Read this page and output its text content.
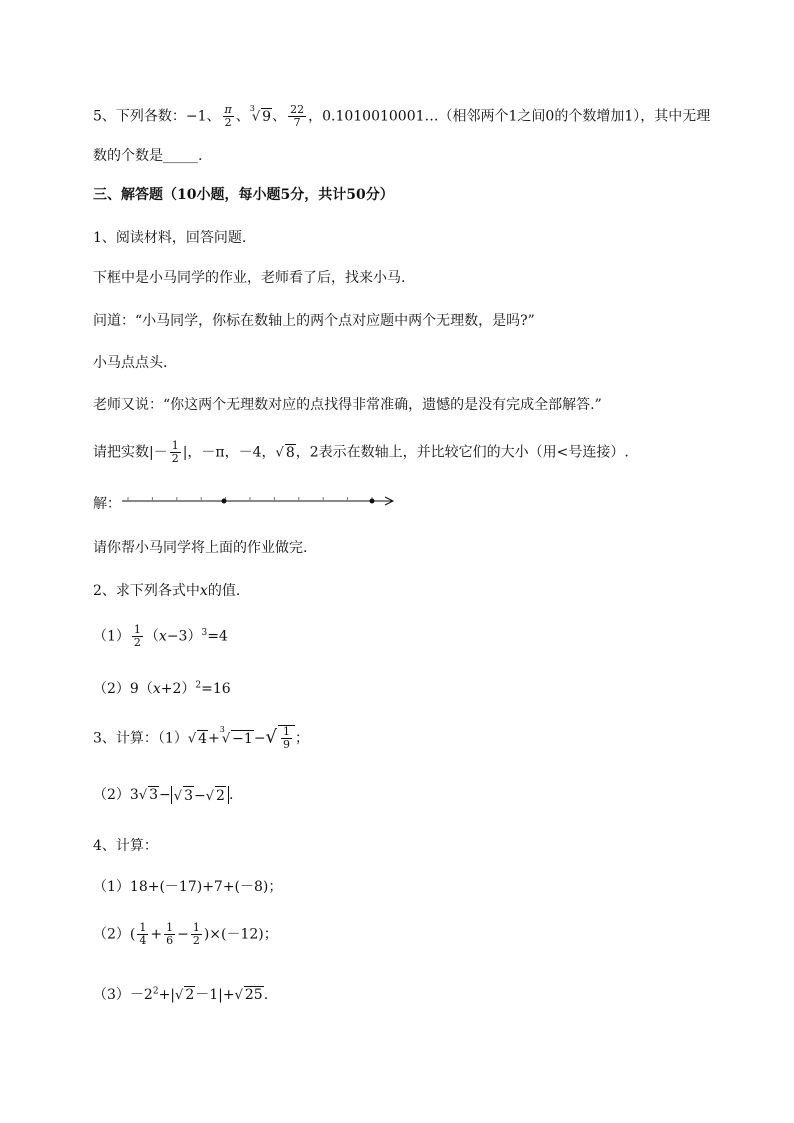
5、下列各数：−1、 $\frac{\pi}{2}$ 、$^3$√ 9、 $\frac{22}{7}$ ，0.1010010001…（相邻两个1之间0的个数增加1），其中无理
数的个数是_____.
三、解答题（10小题，每小题5分，共计50分）
1、阅读材料，回答问题.
下框中是小马同学的作业，老师看了后，找来小马.
问道：“小马同学，你标在数轴上的两个点对应题中两个无理数，是吗?”
小马点点头.
老师又说：“你这两个无理数对应的点找得非常准确，遗憾的是没有完成全部解答.”
请把实数|－ $\frac{1}{2}$ |，－π，－4，√ 8，2表示在数轴上，并比较它们的大小（用<号连接）.
解：
请你帮小马同学将上面的作业做完.
2、求下列各式中x的值.
$(1) \frac{1}{2} (x-3)^3=4$
$(2)9(x+2)^2=16$
3、计算：（1）√ $4+^3√ -1-√ \frac{1}{9}$ ；
（2）3√ 3− √ 3−√ 2 .
4、计算：
（1）18+(－17)+7+(－8)；
$(2)( \frac{1}{4} + \frac{1}{6} - \frac{1}{2} )\times(-12)$；
$(3)-2^2+|√$ 2－1|+√ 25.
